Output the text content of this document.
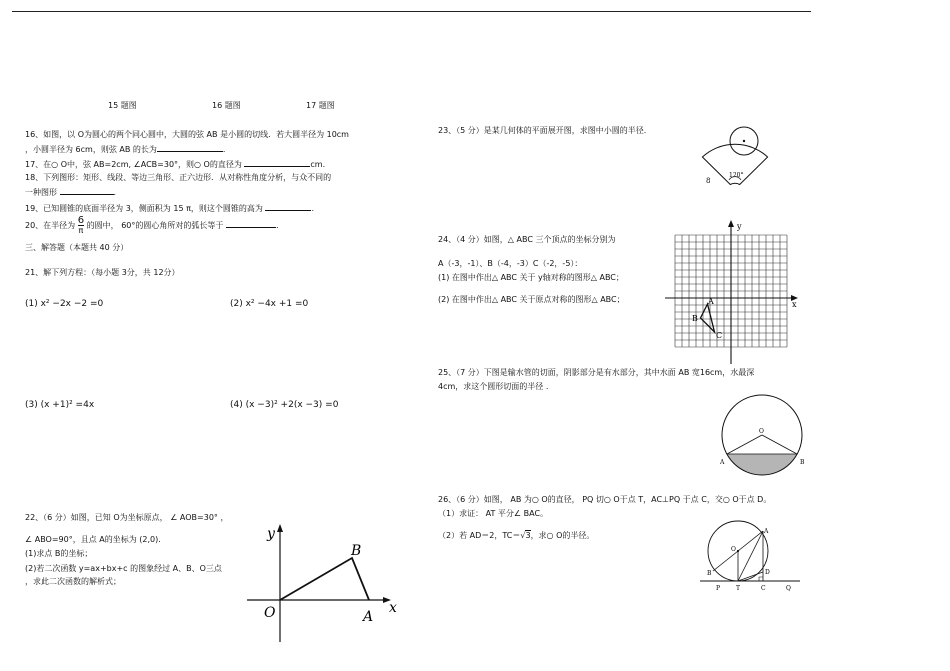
15 题图	16 题图	17 题图
16、如图，以 O为圆心的两个同心圆中，大圆的弦 AB 是小圆的切线．若大圆半径为 10cm
，小圆半径为 6cm，则弦 AB 的长为	.
17、在○ O中，弦 AB=2cm, ∠ACB=30°，则○ O的直径为	cm.
18、下列图形：矩形、线段、等边三角形、正六边形．从对称性角度分析，与众不同的
一种图形	.
19、已知圆锥的底面半径为 3，侧面积为 15 π，则这个圆锥的高为	.
20、在半径为 $\frac{6}{\pi}$ 的圆中， 60°的圆心角所对的弧长等于	.
三、解答题（本题共 40 分）
21、解下列方程：（每小题 3分，共 12分）
(1) x² −2x −2 =0	(2) x² −4x +1 =0
(3) (x +1)² =4x	(4) (x −3)² +2(x −3) =0
22、（6 分）如图，已知 O为坐标原点， ∠ AOB=30° ，
∠ ABO=90°，且点 A的坐标为 (2,0)．
(1)求点 B的坐标；
(2)若二次函数 y=ax+bx+c 的图象经过 A、B、O三点
，求此二次函数的解析式；
y
x
O	A
B
23、（5 分）是某几何体的平面展开图，求图中小圆的半径.
120°
8
24、（4 分）如图，△ ABC 三个顶点的坐标分别为
A（-3，-1）、B（-4，-3）C（-2，-5）：
(1) 在图中作出△ ABC 关于 y轴对称的图形△ ABC；
(2) 在图中作出△ ABC 关于原点对称的图形△ ABC；
x
y
A
B
C
25、（7 分）下图是输水管的切面，阴影部分是有水部分，其中水面 AB 宽16cm，水最深
4cm，求这个圆形切面的半径 .
O
A	B
26、（6 分）如图， AB 为○ O的直径， PQ 切○ O于点 T，AC⊥PQ 于点 C，交○ O于点 D。
（1）求证： AT 平分∠ BAC。
（2）若 AD＝2，TC＝√3，求○ O的半径。	A
O
D
B
P	T	C	Q
